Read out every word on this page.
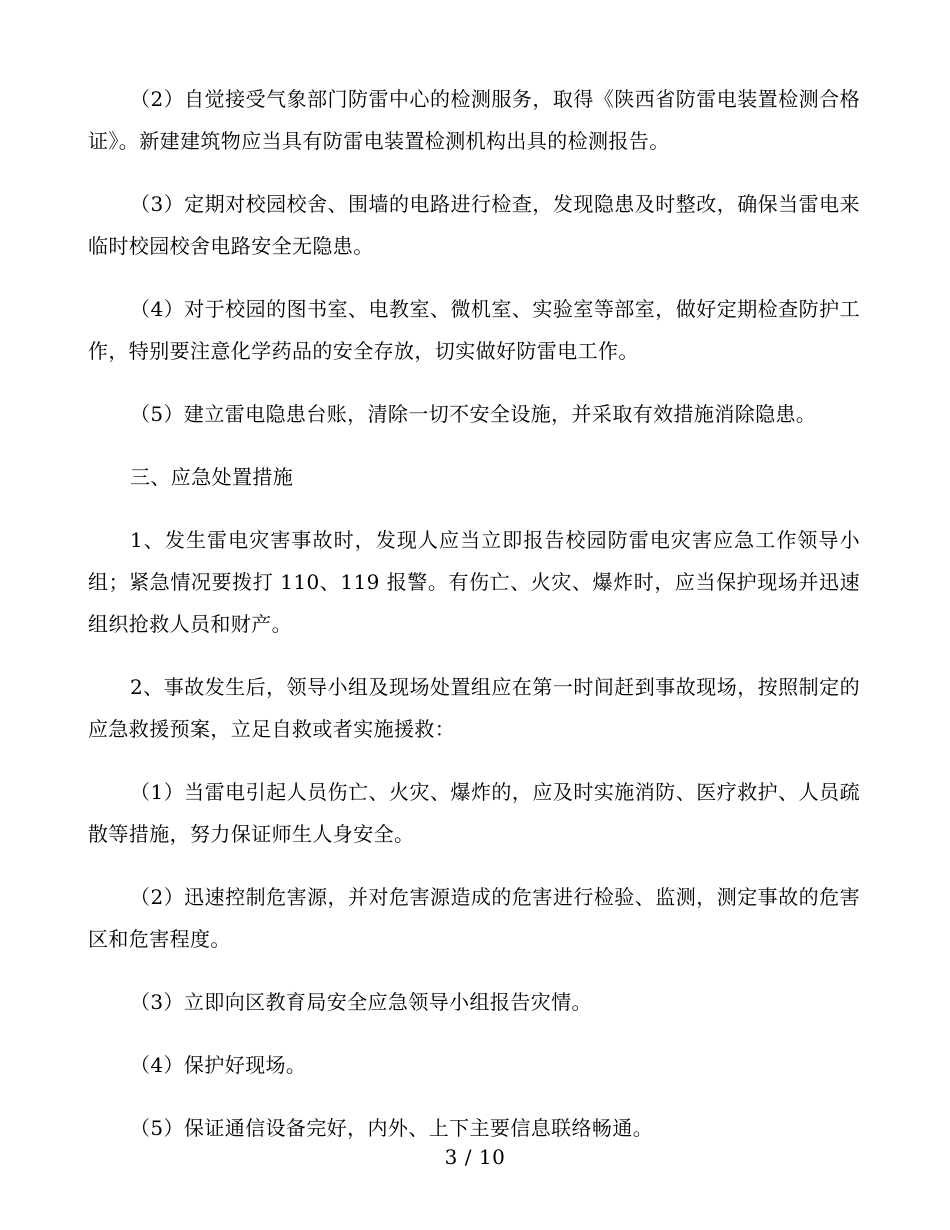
（2）自觉接受气象部门防雷中心的检测服务，取得《陕西省防雷电装置检测合格证》。新建建筑物应当具有防雷电装置检测机构出具的检测报告。

（3）定期对校园校舍、围墙的电路进行检查，发现隐患及时整改，确保当雷电来临时校园校舍电路安全无隐患。

（4）对于校园的图书室、电教室、微机室、实验室等部室，做好定期检查防护工作，特别要注意化学药品的安全存放，切实做好防雷电工作。

（5）建立雷电隐患台账，清除一切不安全设施，并采取有效措施消除隐患。

三、应急处置措施

1、发生雷电灾害事故时，发现人应当立即报告校园防雷电灾害应急工作领导小组；紧急情况要拨打 110、119 报警。有伤亡、火灾、爆炸时，应当保护现场并迅速组织抢救人员和财产。

2、事故发生后，领导小组及现场处置组应在第一时间赶到事故现场，按照制定的应急救援预案，立足自救或者实施援救：

（1）当雷电引起人员伤亡、火灾、爆炸的，应及时实施消防、医疗救护、人员疏散等措施，努力保证师生人身安全。

（2）迅速控制危害源，并对危害源造成的危害进行检验、监测，测定事故的危害区和危害程度。

（3）立即向区教育局安全应急领导小组报告灾情。

（4）保护好现场。

（5）保证通信设备完好，内外、上下主要信息联络畅通。

3 / 10
